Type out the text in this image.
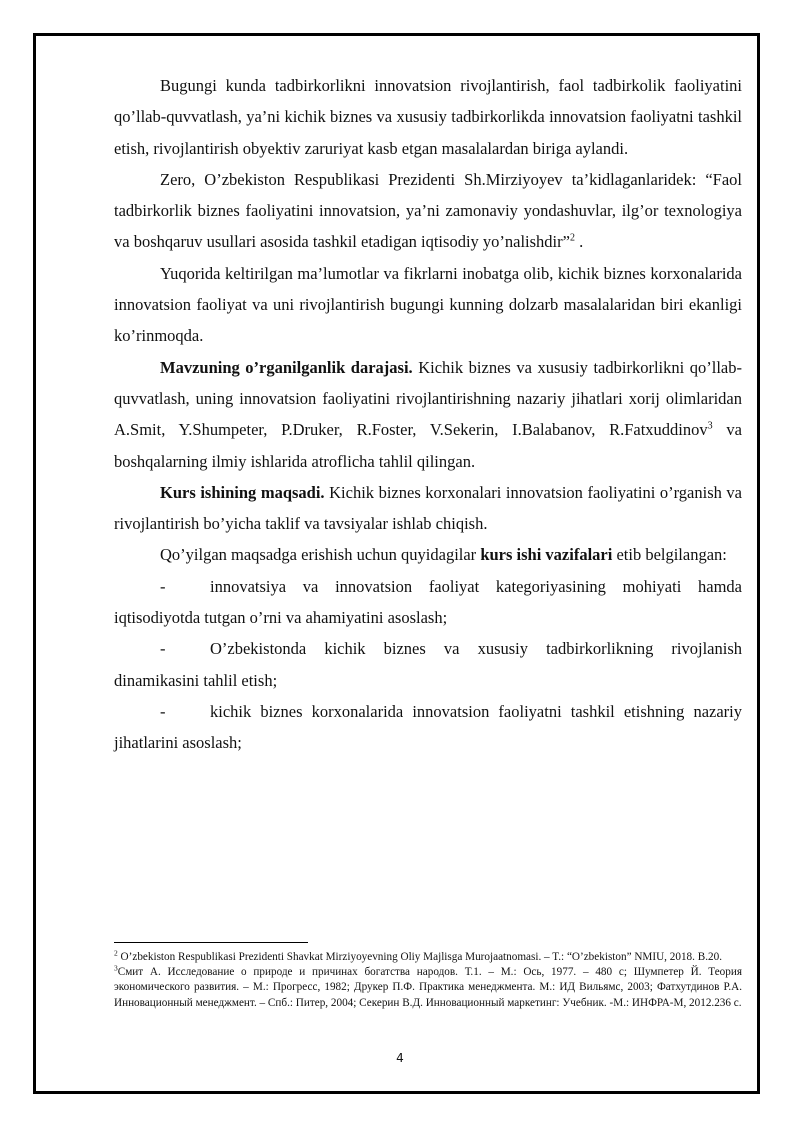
Bugungi kunda tadbirkorlikni innovatsion rivojlantirish, faol tadbirkolik faoliyatini qo’llab-quvvatlash, ya’ni kichik biznes va xususiy tadbirkorlikda innovatsion faoliyatni tashkil etish, rivojlantirish obyektiv zaruriyat kasb etgan masalalardan biriga aylandi.

Zero, O’zbekiston Respublikasi Prezidenti Sh.Mirziyoyev ta’kidlaganlaridek: “Faol tadbirkorlik biznes faoliyatini innovatsion, ya’ni zamonaviy yondashuvlar, ilg’or texnologiya va boshqaruv usullari asosida tashkil etadigan iqtisodiy yo’nalishdir”$^2$ .

Yuqorida keltirilgan ma’lumotlar va fikrlarni inobatga olib, kichik biznes korxonalarida innovatsion faoliyat va uni rivojlantirish bugungi kunning dolzarb masalalaridan biri ekanligi ko’rinmoqda.

Mavzuning o’rganilganlik darajasi. Kichik biznes va xususiy tadbirkorlikni qo’llab-quvvatlash, uning innovatsion faoliyatini rivojlantirishning nazariy jihatlari xorij olimlaridan A.Smit, Y.Shumpeter, P.Druker, R.Foster, V.Sekerin, I.Balabanov, R.Fatxuddinov$^3$ va boshqalarning ilmiy ishlarida atroflicha tahlil qilingan.

Kurs ishining maqsadi. Kichik biznes korxonalari innovatsion faoliyatini o’rganish va rivojlantirish bo’yicha taklif va tavsiyalar ishlab chiqish.

Qo’yilgan maqsadga erishish uchun quyidagilar kurs ishi vazifalari etib belgilangan:

-	innovatsiya va innovatsion faoliyat kategoriyasining mohiyati hamda iqtisodiyotda tutgan o’rni va ahamiyatini asoslash;

-	O’zbekistonda kichik biznes va xususiy tadbirkorlikning rivojlanish dinamikasini tahlil etish;

-	kichik biznes korxonalarida innovatsion faoliyatni tashkil etishning nazariy jihatlarini asoslash;

$^2$ O’zbekiston Respublikasi Prezidenti Shavkat Mirziyoyevning Oliy Majlisga Murojaatnomasi. – T.: “O’zbekiston” NMIU, 2018. B.20.

$^3$Смит А. Исследование о природе и причинах богатства народов. Т.1. – М.: Ось, 1977. – 480 с; Шумпетер Й. Теория экономического развития. – М.: Прогресс, 1982; Друкер П.Ф. Практика менеджмента. М.: ИД Вильямс, 2003; Фатхутдинов Р.А. Инновационный менеджмент. – Спб.: Питер, 2004; Секерин В.Д. Инновационный маркетинг: Учебник. -М.: ИНФРА-М, 2012.236 с.

4
